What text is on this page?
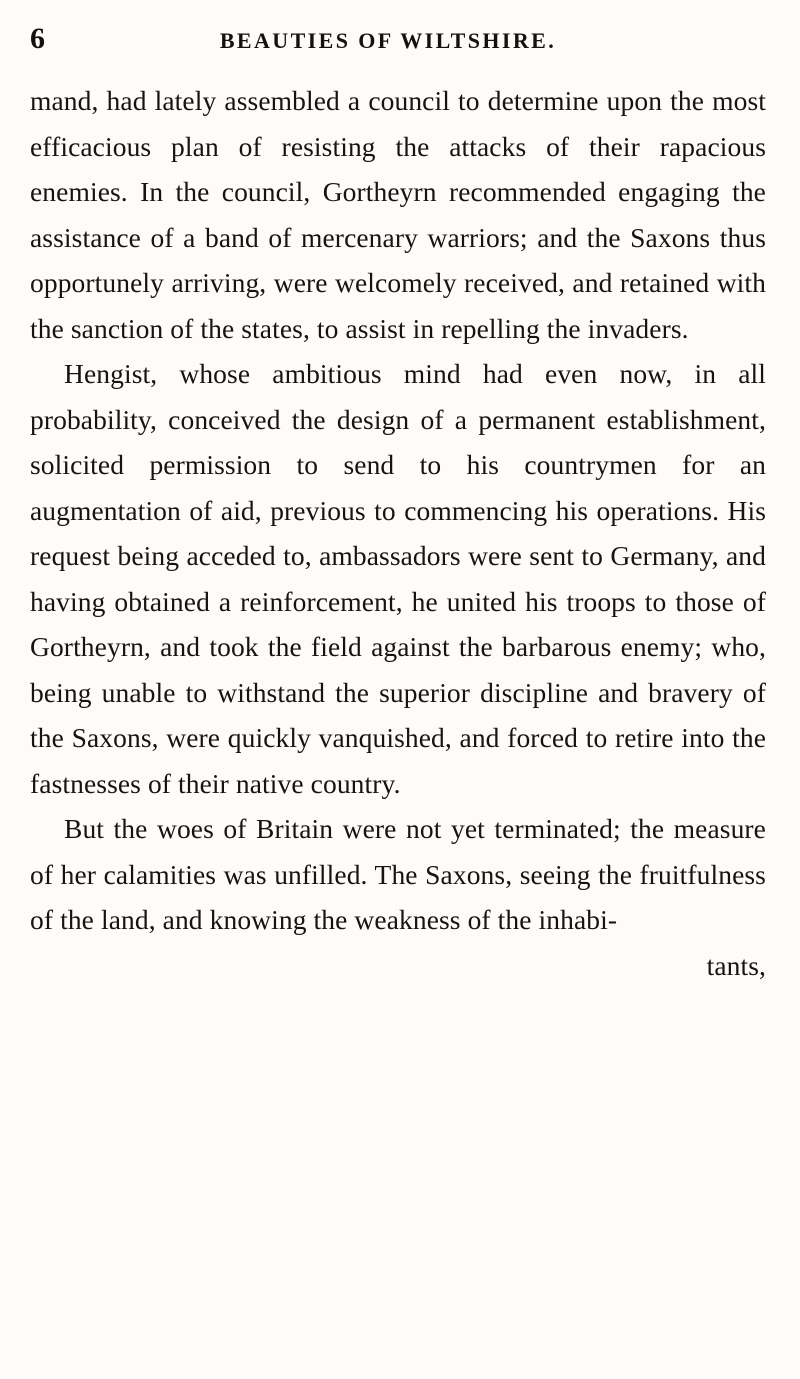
6	BEAUTIES OF WILTSHIRE.

mand, had lately assembled a council to determine upon the most efficacious plan of resisting the attacks of their rapacious enemies. In the council, Gortheyrn recommended engaging the assistance of a band of mercenary warriors; and the Saxons thus opportunely arriving, were welcomely received, and retained with the sanction of the states, to assist in repelling the invaders.

Hengist, whose ambitious mind had even now, in all probability, conceived the design of a permanent establishment, solicited permission to send to his countrymen for an augmentation of aid, previous to commencing his operations. His request being acceded to, ambassadors were sent to Germany, and having obtained a reinforcement, he united his troops to those of Gortheyrn, and took the field against the barbarous enemy; who, being unable to withstand the superior discipline and bravery of the Saxons, were quickly vanquished, and forced to retire into the fastnesses of their native country.

But the woes of Britain were not yet terminated; the measure of her calamities was unfilled. The Saxons, seeing the fruitfulness of the land, and knowing the weakness of the inhabi-
tants,
